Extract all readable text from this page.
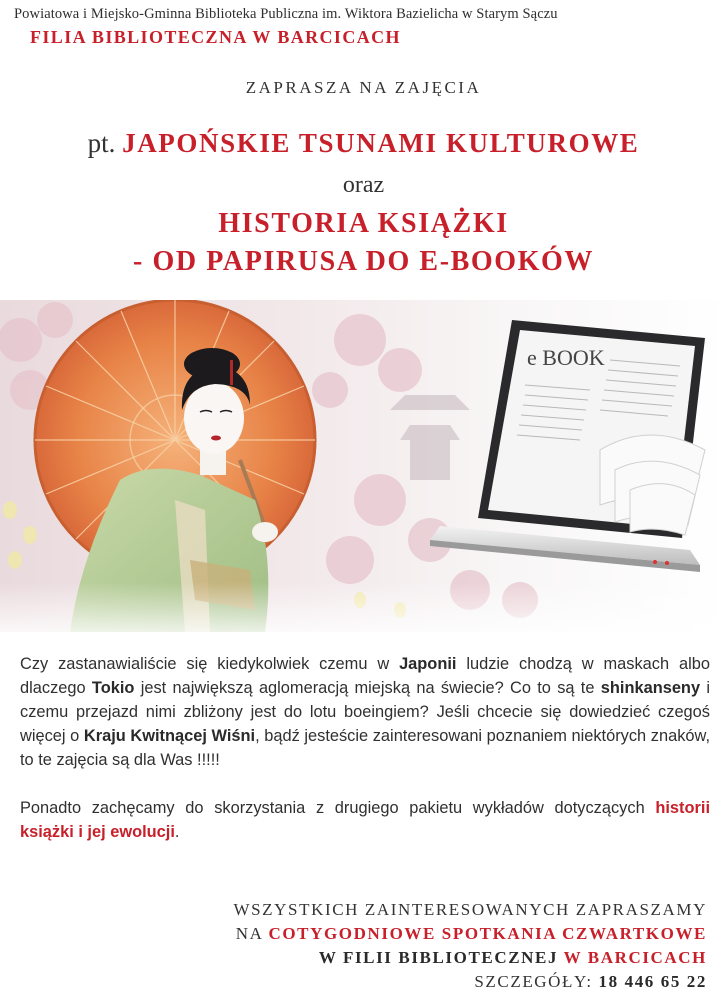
Powiatowa i Miejsko-Gminna Biblioteka Publiczna im. Wiktora Bazielicha w Starym Sączu
FILIA BIBLIOTECZNA W BARCICACH
ZAPRASZA NA ZAJĘCIA
pt. JAPOŃSKIE TSUNAMI KULTUROWE
oraz
HISTORIA KSIĄŻKI
- OD PAPIRUSA DO E-BOOKÓW

Czy zastanawialiście się kiedykolwiek czemu w Japonii ludzie chodzą w maskach albo dlaczego Tokio jest największą aglomeracją miejską na świecie? Co to są te shinkanseny i czemu przejazd nimi zbliżony jest do lotu boeingiem? Jeśli chcecie się dowiedzieć czegoś więcej o Kraju Kwitnącej Wiśni, bądź jesteście zainteresowani poznaniem niektórych znaków, to te zajęcia są dla Was !!!!!

Ponadto zachęcamy do skorzystania z drugiego pakietu wykładów dotyczących historii książki i jej ewolucji.

WSZYSTKICH ZAINTERESOWANYCH ZAPRASZAMY
NA COTYGODNIOWE SPOTKANIA CZWARTKOWE
W FILII BIBLIOTECZNEJ W BARCICACH
SZCZEGÓŁY: 18 446 65 22
